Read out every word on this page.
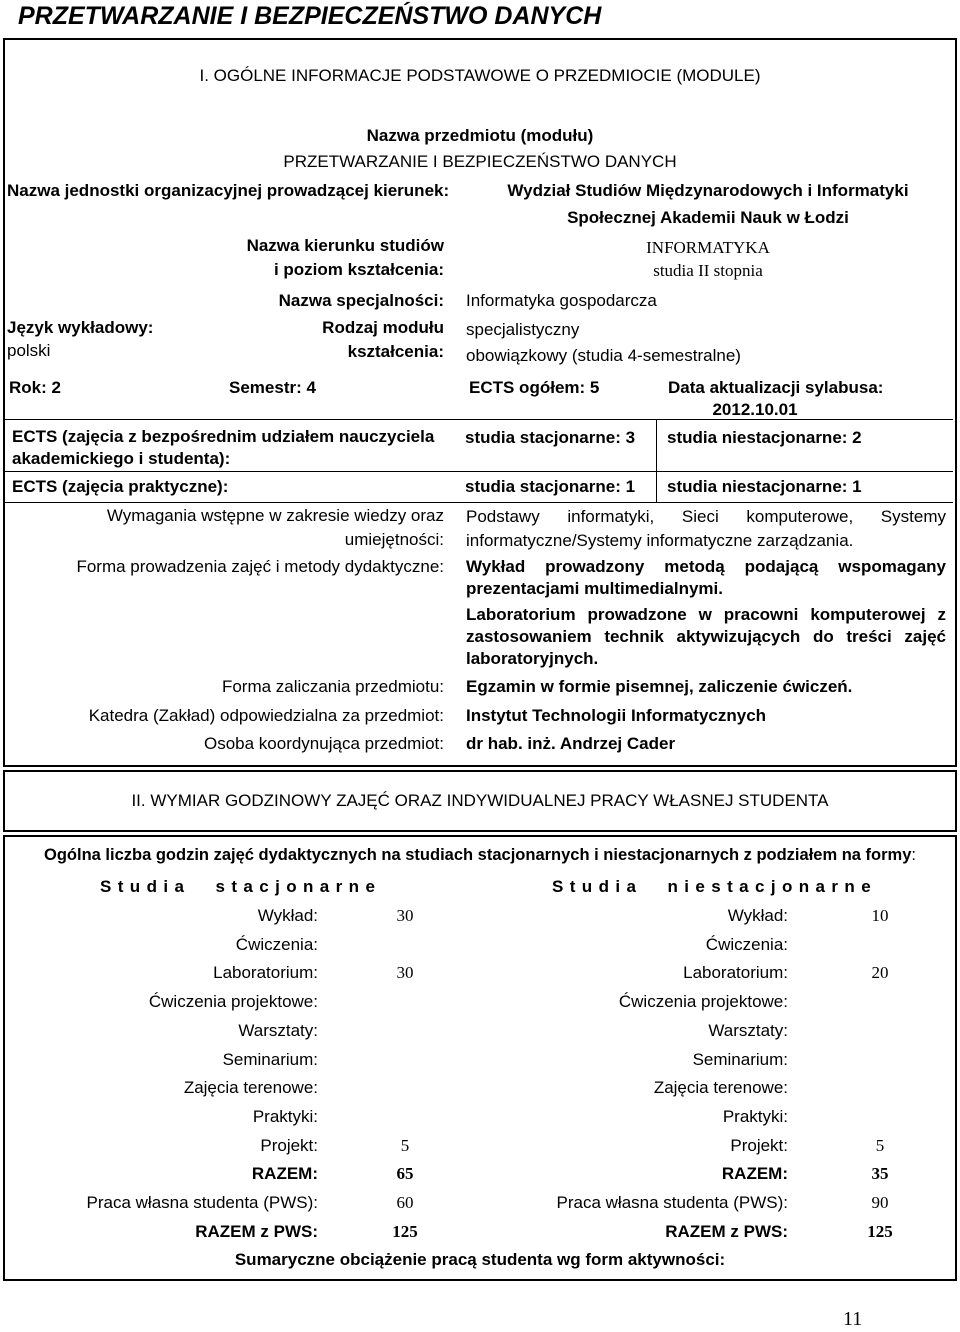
PRZETWARZANIE I BEZPIECZEŃSTWO DANYCH
I. OGÓLNE INFORMACJE PODSTAWOWE O PRZEDMIOCIE (MODULE)
Nazwa przedmiotu (modułu)
PRZETWARZANIE I BEZPIECZEŃSTWO DANYCH
Nazwa jednostki organizacyjnej prowadzącej kierunek:	Wydział Studiów Międzynarodowych i Informatyki
Społecznej Akademii Nauk w Łodzi
Nazwa kierunku studiów
i poziom kształcenia:
INFORMATYKA
studia II stopnia
Nazwa specjalności: Informatyka gospodarcza
Język wykładowy:
polski
Rodzaj modułu
kształcenia:
specjalistyczny
obowiązkowy (studia 4-semestralne)
Rok: 2	Semestr: 4	ECTS ogółem: 5	Data aktualizacji sylabusa:
2012.10.01
ECTS (zajęcia z bezpośrednim udziałem nauczyciela
akademickiego i studenta):
studia stacjonarne: 3 studia niestacjonarne: 2
ECTS (zajęcia praktyczne):	studia stacjonarne: 1 studia niestacjonarne: 1
Wymagania wstępne w zakresie wiedzy oraz
umiejętności:
Podstawy informatyki, Sieci komputerowe, Systemy
informatyczne/Systemy informatyczne zarządzania.
Forma prowadzenia zajęć i metody dydaktyczne: Wykład prowadzony metodą podającą wspomagany
prezentacjami multimedialnymi.
Laboratorium prowadzone w pracowni komputerowej z
zastosowaniem technik aktywizujących do treści zajęć
laboratoryjnych.
Forma zaliczania przedmiotu: Egzamin w formie pisemnej, zaliczenie ćwiczeń.
Katedra (Zakład) odpowiedzialna za przedmiot: Instytut Technologii Informatycznych
Osoba koordynująca przedmiot: dr hab. inż. Andrzej Cader
II. WYMIAR GODZINOWY ZAJĘĆ ORAZ INDYWIDUALNEJ PRACY WŁASNEJ STUDENTA
Ogólna liczba godzin zajęć dydaktycznych na studiach stacjonarnych i niestacjonarnych z podziałem na formy:
Studia stacjonarne	Studia niestacjonarne
Wykład:	30	Wykład:	10
Ćwiczenia:	Ćwiczenia:
Laboratorium:	30	Laboratorium:	20
Ćwiczenia projektowe:	Ćwiczenia projektowe:
Warsztaty:	Warsztaty:
Seminarium:	Seminarium:
Zajęcia terenowe:	Zajęcia terenowe:
Praktyki:	Praktyki:
Projekt:	5	Projekt:	5
RAZEM:	65	RAZEM:	35
Praca własna studenta (PWS):	60	Praca własna studenta (PWS):	90
RAZEM z PWS:	125	RAZEM z PWS:	125
Sumaryczne obciążenie pracą studenta wg form aktywności:
11
